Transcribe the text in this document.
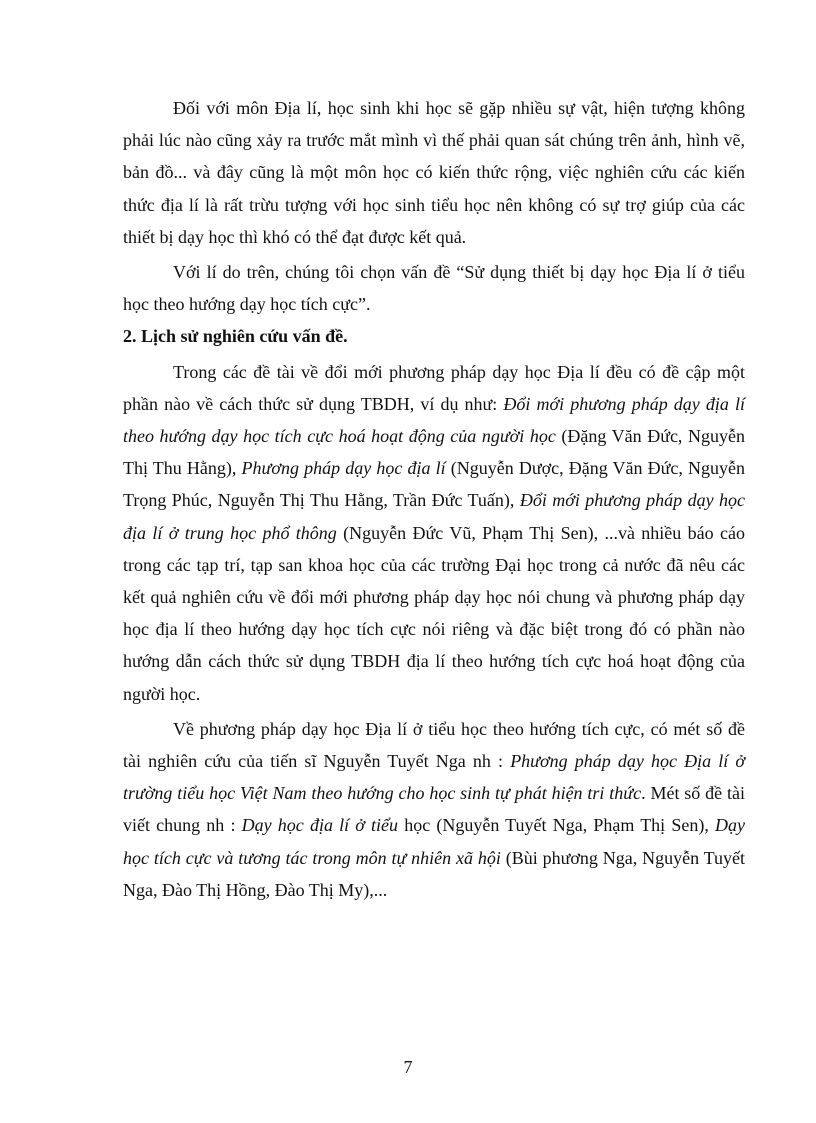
Đối với môn Địa lí, học sinh khi học sẽ gặp nhiều sự vật, hiện tượng không phải lúc nào cũng xảy ra trước mắt mình vì thế phải quan sát chúng trên ảnh, hình vẽ, bản đồ... và đây cũng là một môn học có kiến thức rộng, việc nghiên cứu các kiến thức địa lí là rất trừu tượng với học sinh tiểu học nên không có sự trợ giúp của các thiết bị dạy học thì khó có thể đạt được kết quả.

Với lí do trên, chúng tôi chọn vấn đề “Sử dụng thiết bị dạy học Địa lí ở tiểu học theo hướng dạy học tích cực”.

2. Lịch sử nghiên cứu vấn đề.

Trong các đề tài về đổi mới phương pháp dạy học Địa lí đều có đề cập một phần nào về cách thức sử dụng TBDH, ví dụ như: Đổi mới phương pháp dạy địa lí theo hướng dạy học tích cực hoá hoạt động của người học (Đặng Văn Đức, Nguyễn Thị Thu Hằng), Phương pháp dạy học địa lí (Nguyễn Dược, Đặng Văn Đức, Nguyễn Trọng Phúc, Nguyễn Thị Thu Hằng, Trần Đức Tuấn), Đổi mới phương pháp dạy học địa lí ở trung học phổ thông (Nguyễn Đức Vũ, Phạm Thị Sen), ...và nhiều báo cáo trong các tạp trí, tạp san khoa học của các trường Đại học trong cả nước đã nêu các kết quả nghiên cứu về đổi mới phương pháp dạy học nói chung và phương pháp dạy học địa lí theo hướng dạy học tích cực nói riêng và đặc biệt trong đó có phần nào hướng dẫn cách thức sử dụng TBDH địa lí theo hướng tích cực hoá hoạt động của người học.

Về phương pháp dạy học Địa lí ở tiểu học theo hướng tích cực, có mét số đề tài nghiên cứu của tiến sĩ Nguyễn Tuyết Nga nh : Phương pháp dạy học Địa lí ở trường tiểu học Việt Nam theo hướng cho học sinh tự phát hiện tri thức. Mét số đề tài viết chung nh : Dạy học địa lí ở tiểu học (Nguyễn Tuyết Nga, Phạm Thị Sen), Dạy học tích cực và tương tác trong môn tự nhiên xã hội (Bùi phương Nga, Nguyễn Tuyết Nga, Đào Thị Hồng, Đào Thị My),...

7
